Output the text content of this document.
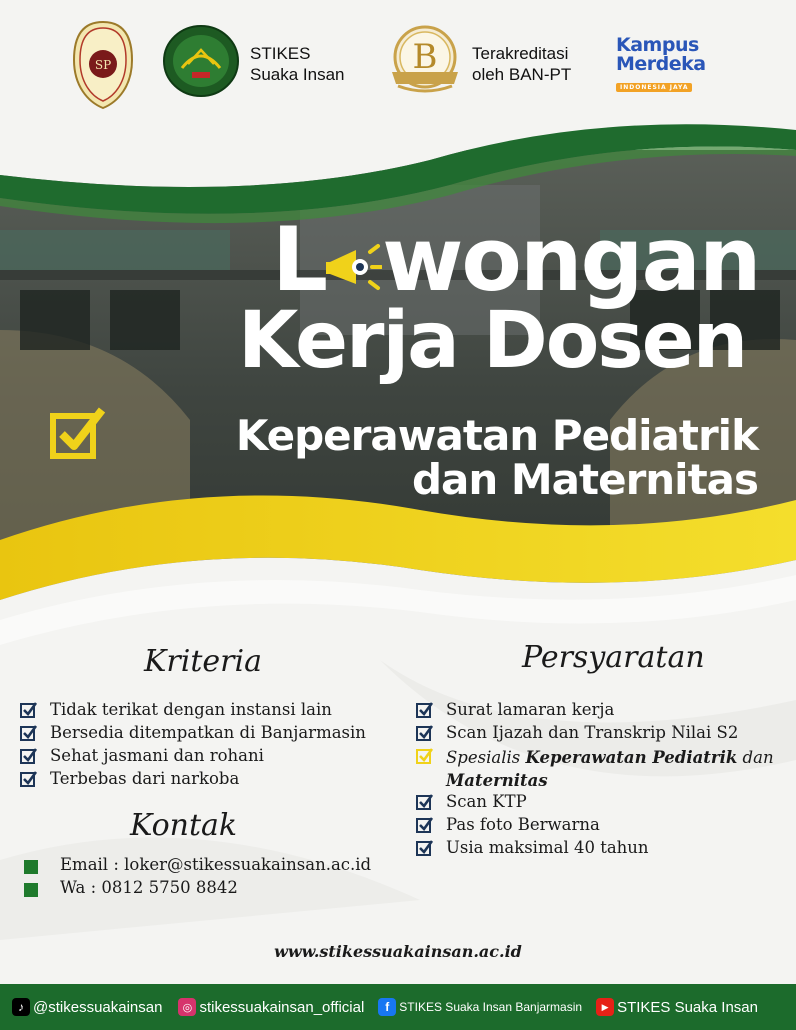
SP
STIKES
Suaka Insan B Terakreditasi
oleh BAN-PT
Kampus
Merdeka
INDONESIA JAYA
L wongan
Kerja Dosen
Keperawatan Pediatrik
dan Maternitas
Kriteria
Tidak terikat dengan instansi lain
Bersedia ditempatkan di Banjarmasin
Sehat jasmani dan rohani
Terbebas dari narkoba
Kontak
Email : loker@stikessuakainsan.ac.id
Wa : 0812 5750 8842
Persyaratan
Surat lamaran kerja
Scan Ijazah dan Transkrip Nilai S2
Spesialis Keperawatan Pediatrik dan
Maternitas
Scan KTP
Pas foto Berwarna
Usia maksimal 40 tahun
www.stikessuakainsan.ac.id
♪ @stikessuakainsan	◎ stikessuakainsan_official	f STIKES Suaka Insan Banjarmasin	▶ STIKES Suaka Insan
